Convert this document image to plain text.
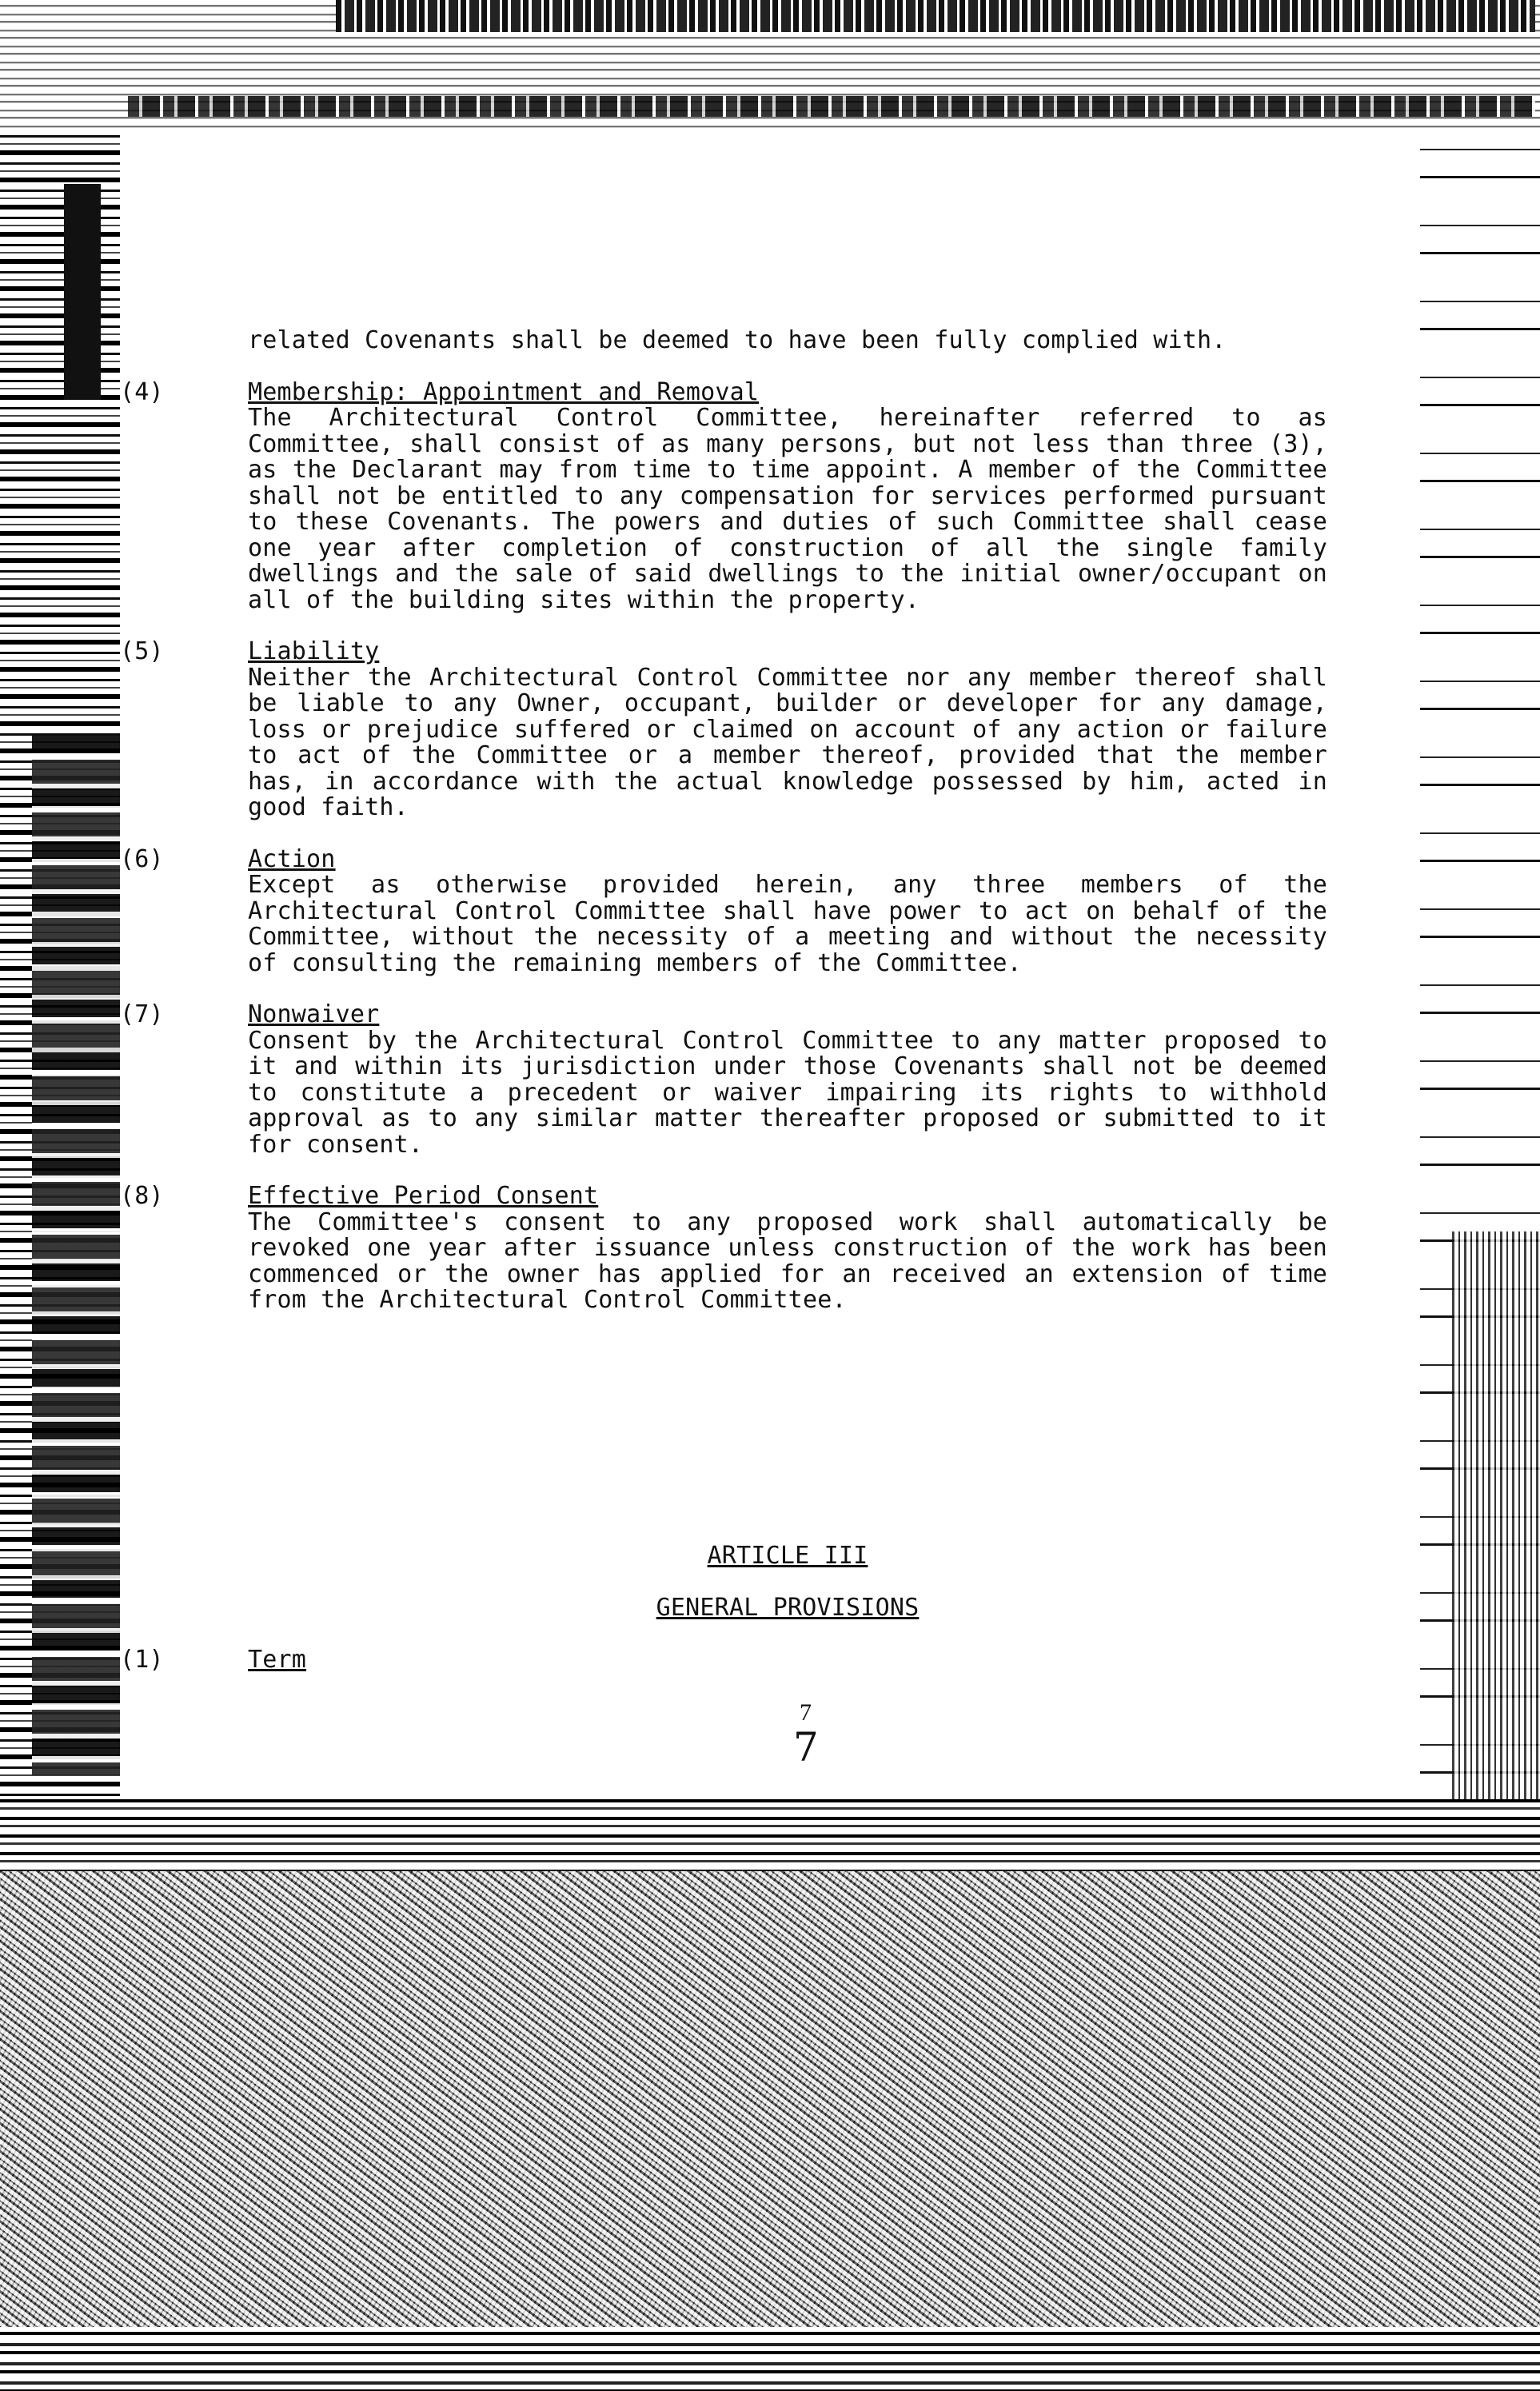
related Covenants shall be deemed to have been fully complied with.
(4)	Membership: Appointment and Removal
The Architectural Control Committee, hereinafter referred to as Committee, shall consist of as many persons, but not less than three (3), as the Declarant may from time to time appoint. A member of the Committee shall not be entitled to any compensation for services performed pursuant to these Covenants. The powers and duties of such Committee shall cease one year after completion of construction of all the single family dwellings and the sale of said dwellings to the initial owner/occupant on all of the building sites within the property.
(5)	Liability
Neither the Architectural Control Committee nor any member thereof shall be liable to any Owner, occupant, builder or developer for any damage, loss or prejudice suffered or claimed on account of any action or failure to act of the Committee or a member thereof, provided that the member has, in accordance with the actual knowledge possessed by him, acted in good faith.
(6)	Action
Except as otherwise provided herein, any three members of the Architectural Control Committee shall have power to act on behalf of the Committee, without the necessity of a meeting and without the necessity of consulting the remaining members of the Committee.
(7)	Nonwaiver
Consent by the Architectural Control Committee to any matter proposed to it and within its jurisdiction under those Covenants shall not be deemed to constitute a precedent or waiver impairing its rights to withhold approval as to any similar matter thereafter proposed or submitted to it for consent.
(8)	Effective Period Consent
The Committee's consent to any proposed work shall automatically be revoked one year after issuance unless construction of the work has been commenced or the owner has applied for an received an extension of time from the Architectural Control Committee.
ARTICLE III
GENERAL PROVISIONS
(1)	Term
7
7
